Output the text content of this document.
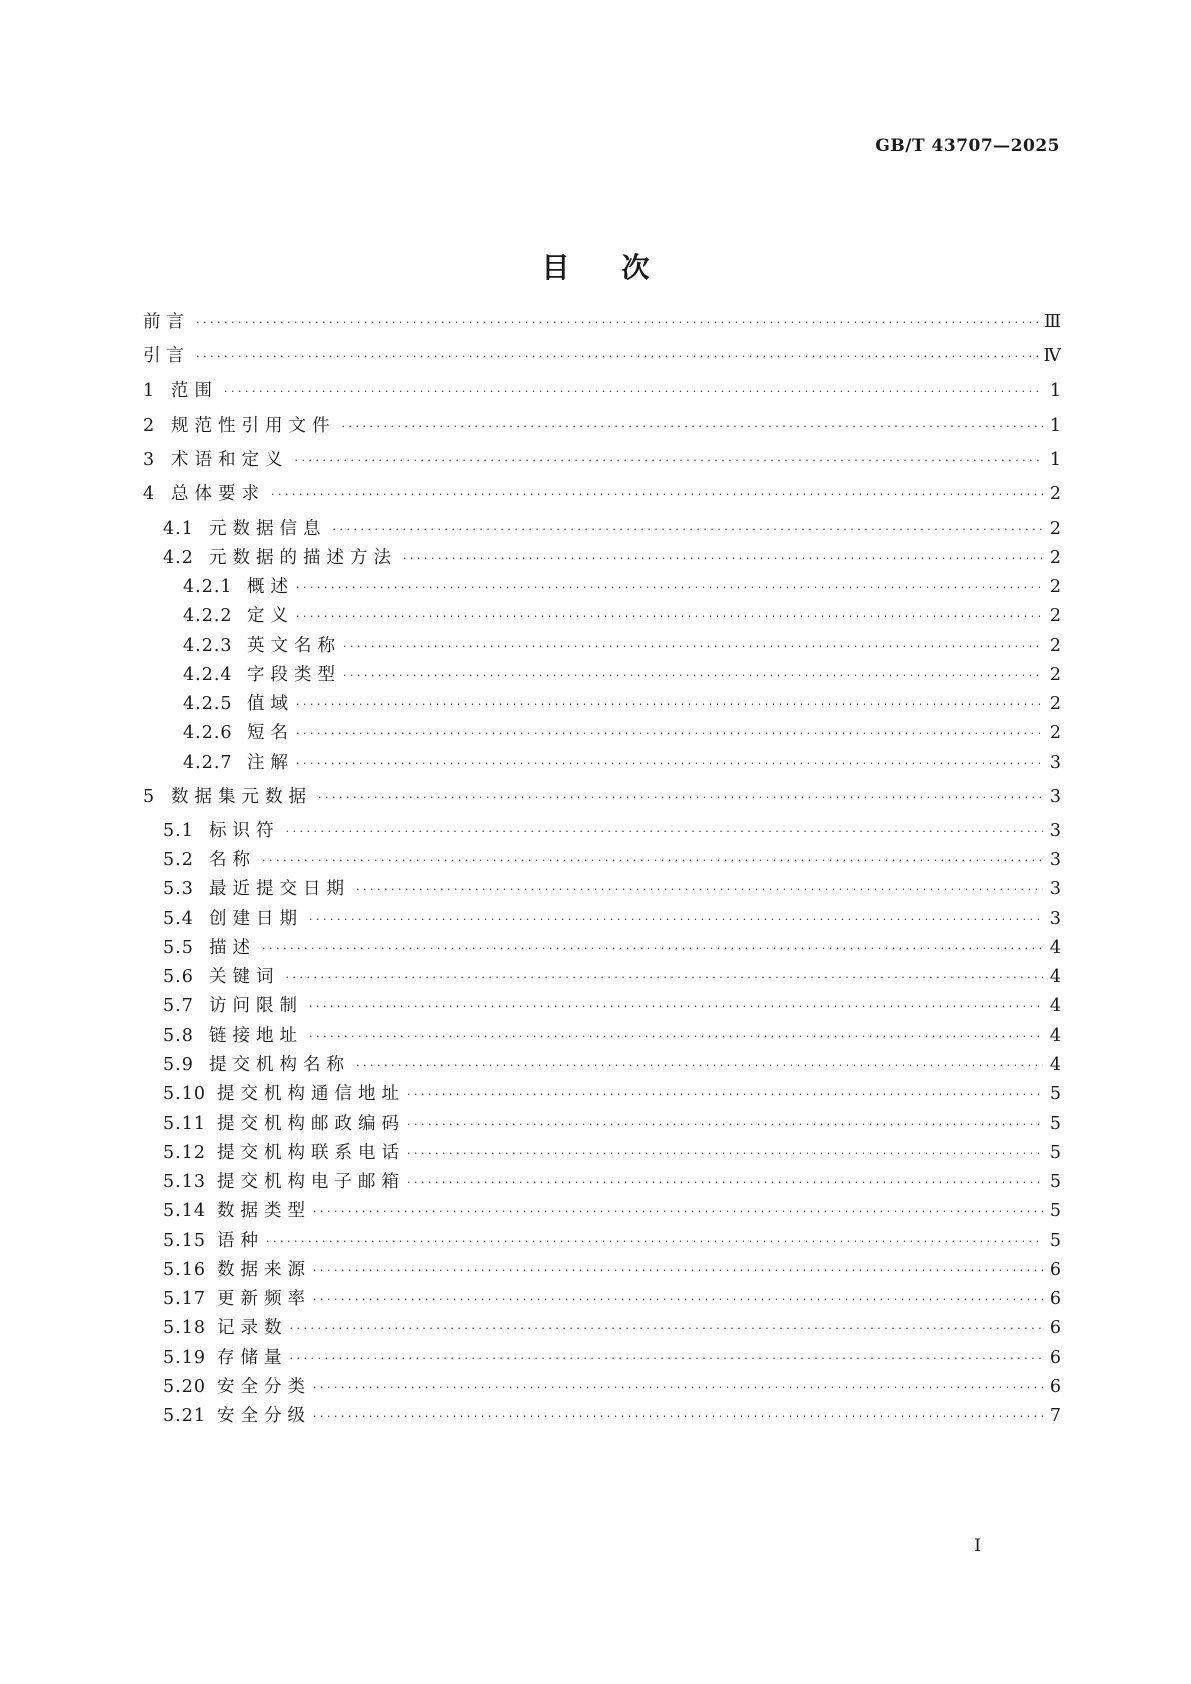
GB/T 43707—2025
目次
前言 ·····	Ⅲ
引言 ·····	Ⅳ
1 范围 ·····	1
2 规范性引用文件 ·····	1
3 术语和定义 ·····	1
4 总体要求 ·····	2
4.1 元数据信息 ·····	2
4.2 元数据的描述方法 ·····	2
4.2.1 概述 ·····	2
4.2.2 定义 ·····	2
4.2.3 英文名称 ·····	2
4.2.4 字段类型 ·····	2
4.2.5 值域 ·····	2
4.2.6 短名 ·····	2
4.2.7 注解 ·····	3
5 数据集元数据 ·····	3
5.1 标识符 ·····	3
5.2 名称 ·····	3
5.3 最近提交日期 ·····	3
5.4 创建日期 ·····	3
5.5 描述 ·····	4
5.6 关键词 ·····	4
5.7 访问限制 ·····	4
5.8 链接地址 ·····	4
5.9 提交机构名称 ·····	4
5.10 提交机构通信地址 ·····	5
5.11 提交机构邮政编码 ·····	5
5.12 提交机构联系电话 ·····	5
5.13 提交机构电子邮箱 ·····	5
5.14 数据类型 ·····	5
5.15 语种 ·····	5
5.16 数据来源 ·····	6
5.17 更新频率 ·····	6
5.18 记录数 ·····	6
5.19 存储量 ·····	6
5.20 安全分类 ·····	6
5.21 安全分级 ·····	7
I
